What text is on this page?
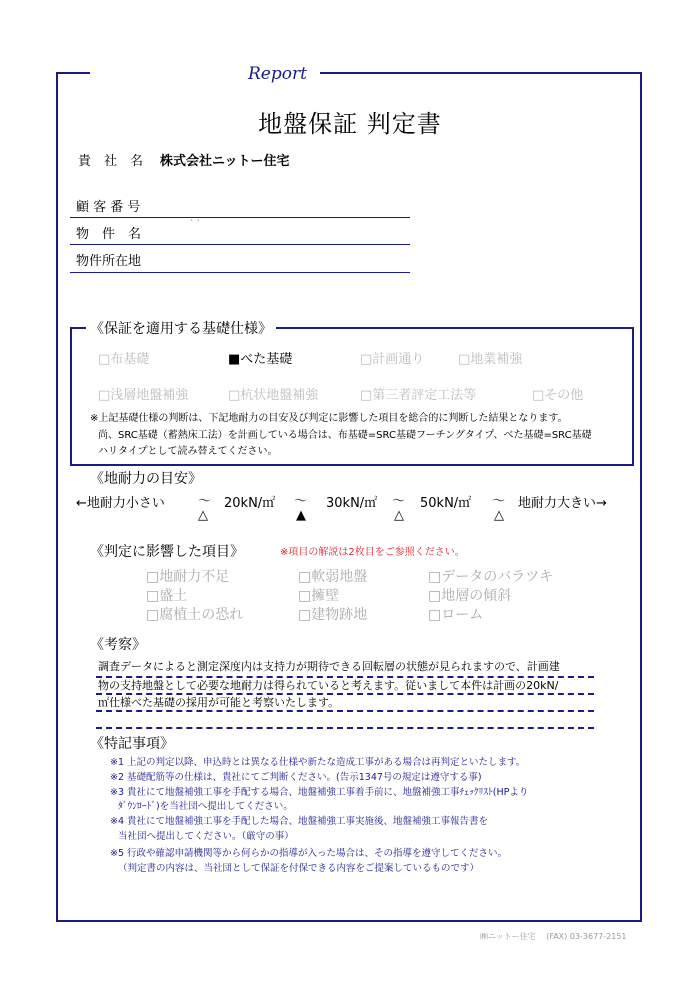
Report
地盤保証 判定書
貴　社　名 株式会社ニットー住宅
顧 客 番 号
物　件　名
` `
物件所在地
《保証を適用する基礎仕様》
□布基礎	■べた基礎	□計画通り	□地業補強
□浅層地盤補強	□杭状地盤補強	□第三者評定工法等	□その他
※上記基礎仕様の判断は、下記地耐力の目安及び判定に影響した項目を総合的に判断した結果となります。
尚、SRC基礎（蓄熱床工法）を計画している場合は、布基礎=SRC基礎フーチングタイプ、べた基礎=SRC基礎
ハリタイプとして読み替えてください。
《地耐力の目安》
←地耐力小さい	～ 20kN/㎡ ～ 30kN/㎡ ～ 50kN/㎡ ～ 地耐力大きい→
△	▲	△	△
《判定に影響した項目》	※項目の解説は2枚目をご参照ください。
□地耐力不足	□軟弱地盤	□データのバラツキ
□盛土	□擁壁	□地層の傾斜
□腐植土の恐れ	□建物跡地	□ローム
《考察》
調査データによると測定深度内は支持力が期待できる回転層の状態が見られますので、計画建
物の支持地盤として必要な地耐力は得られていると考えます。従いまして本件は計画の20kN/
㎡仕様べた基礎の採用が可能と考察いたします。
《特記事項》
※1 上記の判定以降、申込時とは異なる仕様や新たな造成工事がある場合は再判定といたします。
※2 基礎配筋等の仕様は、貴社にてご判断ください。(告示1347号の規定は遵守する事)
※3 貴社にて地盤補強工事を手配する場合、地盤補強工事着手前に、地盤補強工事ﾁｪｯｸﾘｽﾄ(HPより
ﾀﾞｳﾝﾛｰﾄﾞ)を当社団へ提出してください。
※4 貴社にて地盤補強工事を手配した場合、地盤補強工事実施後、地盤補強工事報告書を
当社団へ提出してください。（厳守の事）
※5 行政や確認申請機関等から何らかの指導が入った場合は、その指導を遵守してください。
（判定書の内容は、当社団として保証を付保できる内容をご提案しているものです）
㈱ニットー住宅　 (FAX) 03-3677-2151
